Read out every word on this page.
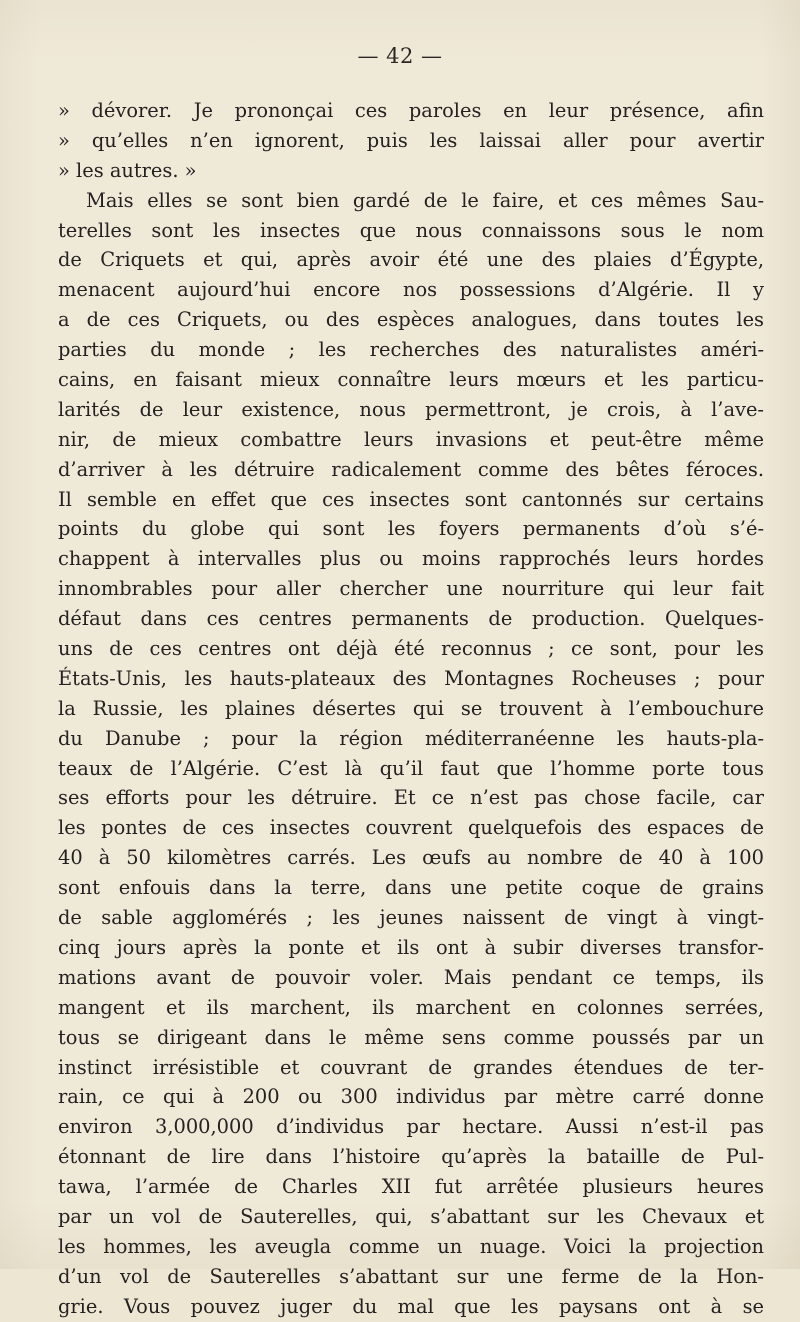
— 42 —
» dévorer. Je prononçai ces paroles en leur présence, afin
» qu’elles n’en ignorent, puis les laissai aller pour avertir
» les autres. »
Mais elles se sont bien gardé de le faire, et ces mêmes Sau-
terelles sont les insectes que nous connaissons sous le nom
de Criquets et qui, après avoir été une des plaies d’Égypte,
menacent aujourd’hui encore nos possessions d’Algérie. Il y
a de ces Criquets, ou des espèces analogues, dans toutes les
parties du monde ; les recherches des naturalistes améri-
cains, en faisant mieux connaître leurs mœurs et les particu-
larités de leur existence, nous permettront, je crois, à l’ave-
nir, de mieux combattre leurs invasions et peut-être même
d’arriver à les détruire radicalement comme des bêtes féroces.
Il semble en effet que ces insectes sont cantonnés sur certains
points du globe qui sont les foyers permanents d’où s’é-
chappent à intervalles plus ou moins rapprochés leurs hordes
innombrables pour aller chercher une nourriture qui leur fait
défaut dans ces centres permanents de production. Quelques-
uns de ces centres ont déjà été reconnus ; ce sont, pour les
États-Unis, les hauts-plateaux des Montagnes Rocheuses ; pour
la Russie, les plaines désertes qui se trouvent à l’embouchure
du Danube ; pour la région méditerranéenne les hauts-pla-
teaux de l’Algérie. C’est là qu’il faut que l’homme porte tous
ses efforts pour les détruire. Et ce n’est pas chose facile, car
les pontes de ces insectes couvrent quelquefois des espaces de
40 à 50 kilomètres carrés. Les œufs au nombre de 40 à 100
sont enfouis dans la terre, dans une petite coque de grains
de sable agglomérés ; les jeunes naissent de vingt à vingt-
cinq jours après la ponte et ils ont à subir diverses transfor-
mations avant de pouvoir voler. Mais pendant ce temps, ils
mangent et ils marchent, ils marchent en colonnes serrées,
tous se dirigeant dans le même sens comme poussés par un
instinct irrésistible et couvrant de grandes étendues de ter-
rain, ce qui à 200 ou 300 individus par mètre carré donne
environ 3,000,000 d’individus par hectare. Aussi n’est-il pas
étonnant de lire dans l’histoire qu’après la bataille de Pul-
tawa, l’armée de Charles XII fut arrêtée plusieurs heures
par un vol de Sauterelles, qui, s’abattant sur les Chevaux et
les hommes, les aveugla comme un nuage. Voici la projection
d’un vol de Sauterelles s’abattant sur une ferme de la Hon-
grie. Vous pouvez juger du mal que les paysans ont à se
